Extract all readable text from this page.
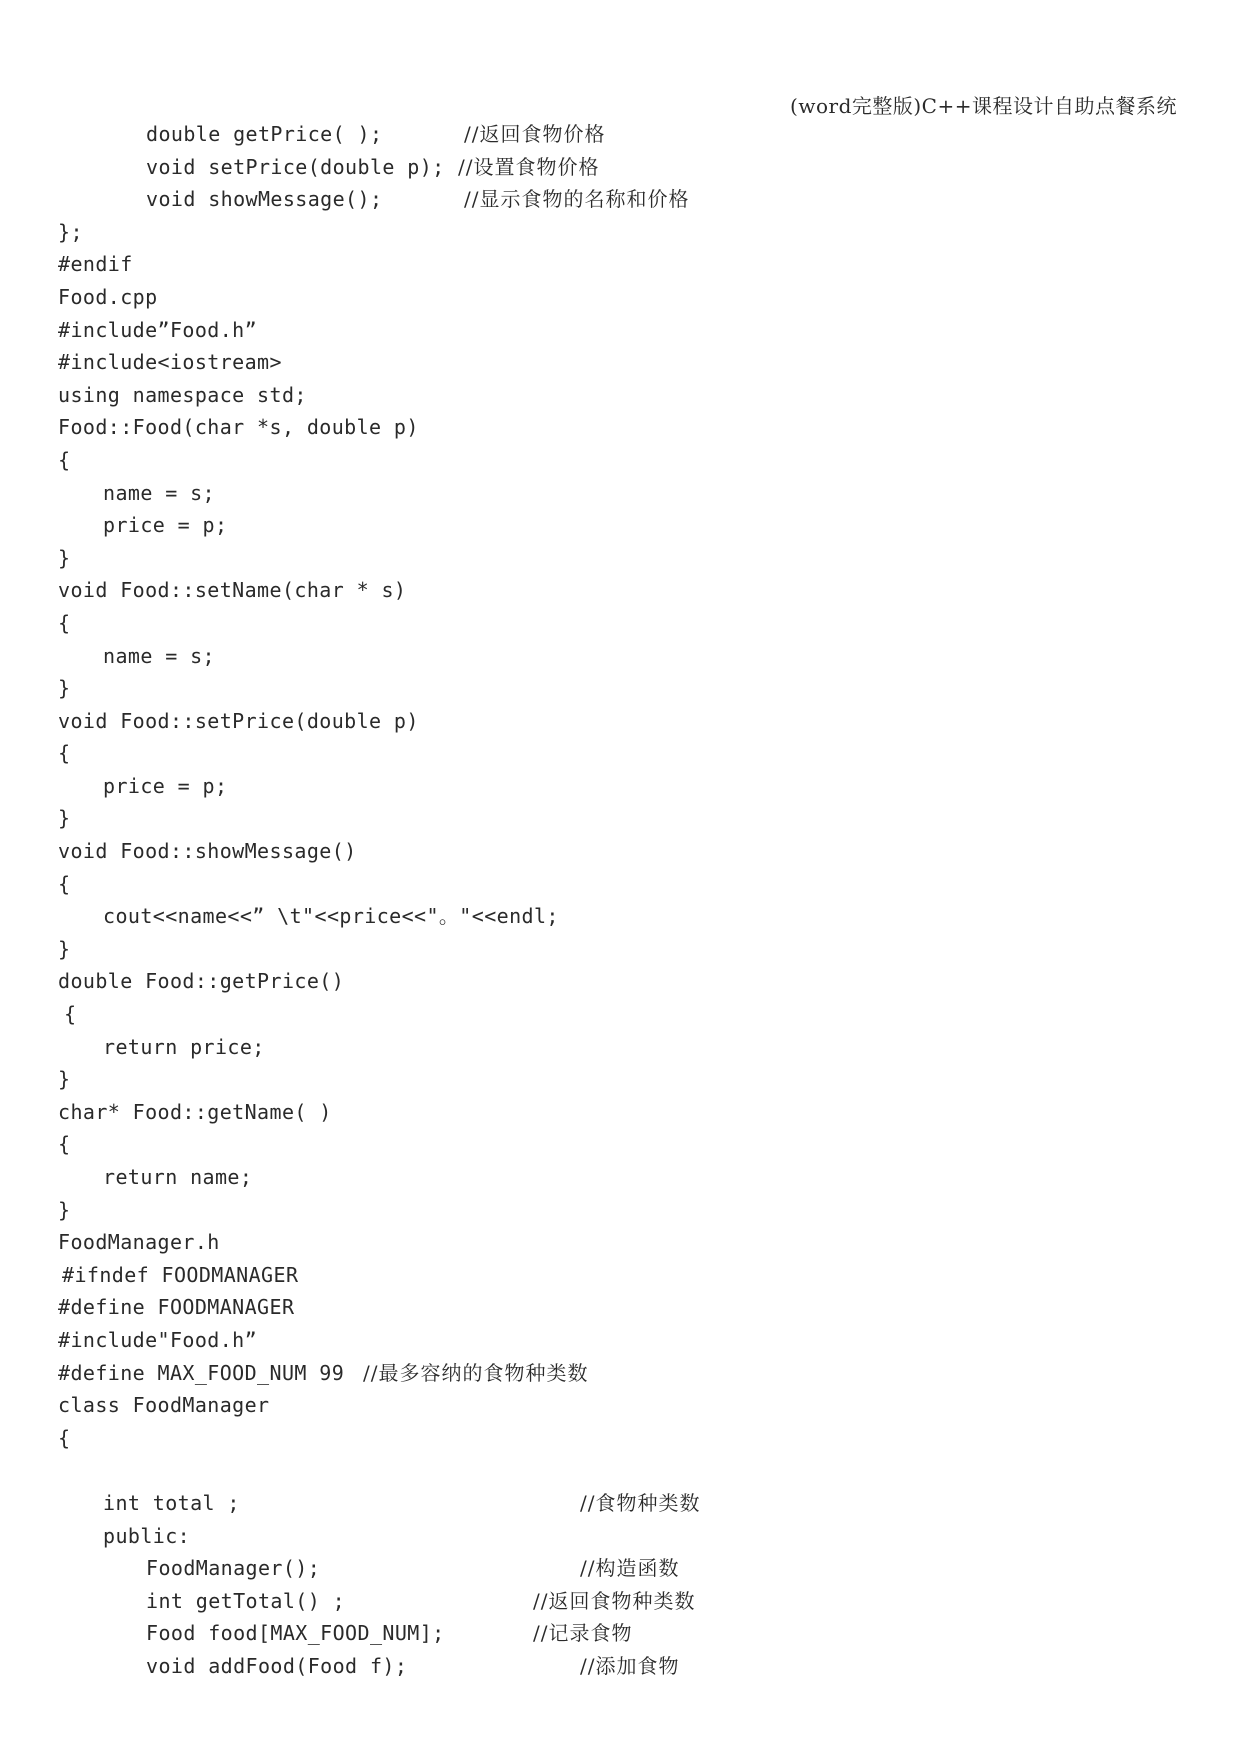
(word完整版)C++课程设计自助点餐系统
double getPrice( );	//返回食物价格
void setPrice(double p); //设置食物价格
void showMessage();	//显示食物的名称和价格
};
#endif
Food.cpp
#include”Food.h”
#include<iostream>
using namespace std;
Food::Food(char *s, double p)
{
name = s;
price = p;
}
void Food::setName(char * s)
{
name = s;
}
void Food::setPrice(double p)
{
price = p;
}
void Food::showMessage()
{
cout<<name<<” \t"<<price<<"。"<<endl;
}
double Food::getPrice()
{
return price;
}
char* Food::getName( )
{
return name;
}
FoodManager.h
#ifndef FOODMANAGER
#define FOODMANAGER
#include"Food.h”
#define MAX_FOOD_NUM 99 //最多容纳的食物种类数
class FoodManager
{
int total ;	//食物种类数
public:
FoodManager();	//构造函数
int getTotal() ;	//返回食物种类数
Food food[MAX_FOOD_NUM];	//记录食物
void addFood(Food f);	//添加食物
